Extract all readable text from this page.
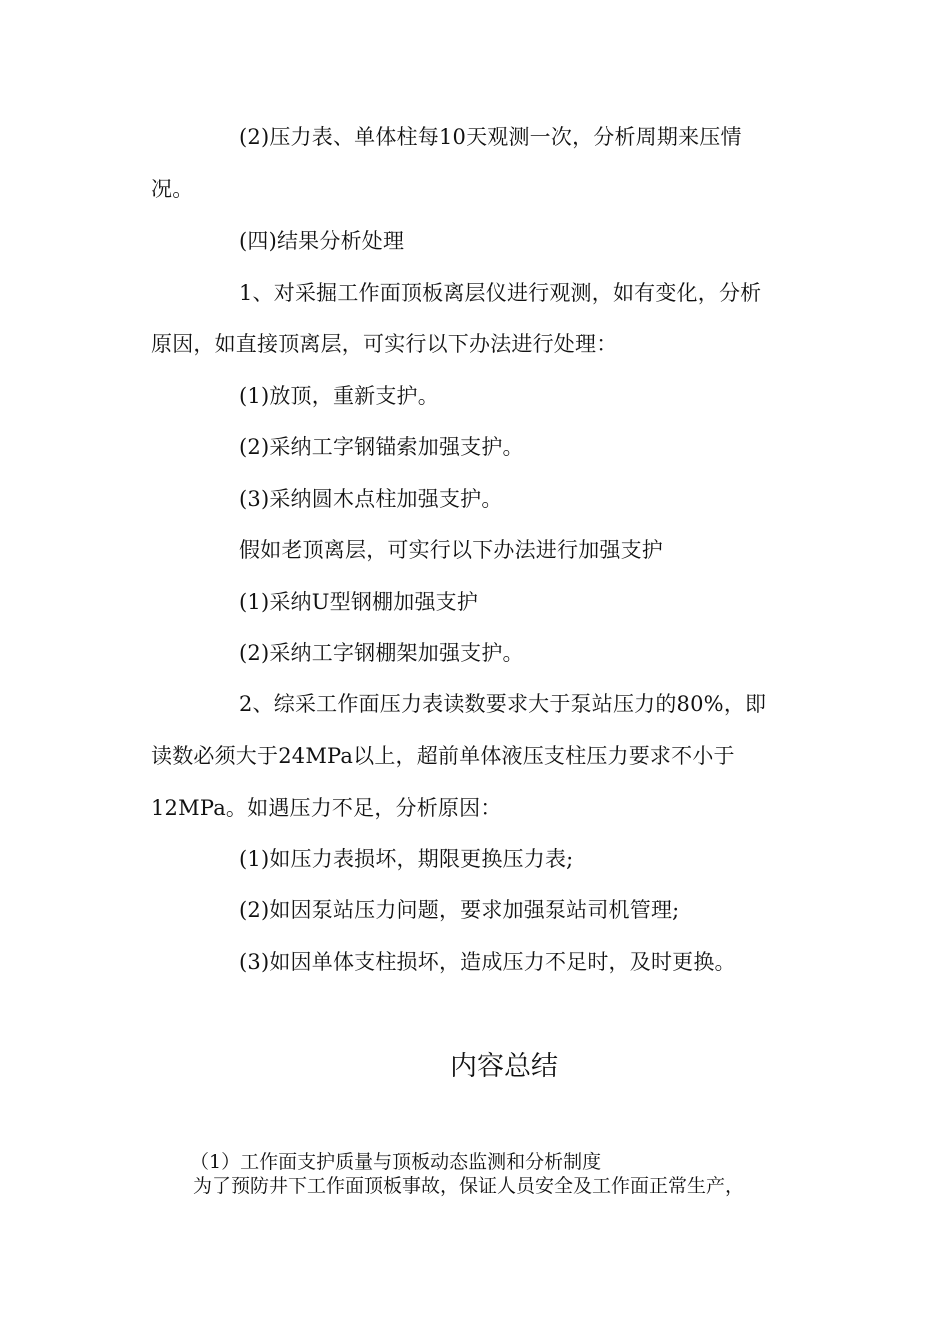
(2)压力表、单体柱每10天观测一次，分析周期来压情
况。
(四)结果分析处理
1、对采掘工作面顶板离层仪进行观测，如有变化，分析
原因，如直接顶离层，可实行以下办法进行处理：
(1)放顶，重新支护。
(2)采纳工字钢锚索加强支护。
(3)采纳圆木点柱加强支护。
假如老顶离层，可实行以下办法进行加强支护
(1)采纳U型钢棚加强支护
(2)采纳工字钢棚架加强支护。
2、综采工作面压力表读数要求大于泵站压力的80%，即
读数必须大于24MPa以上，超前单体液压支柱压力要求不小于
12MPa。如遇压力不足，分析原因：
(1)如压力表损坏，期限更换压力表;
(2)如因泵站压力问题，要求加强泵站司机管理;
(3)如因单体支柱损坏，造成压力不足时，及时更换。
内容总结
（1）工作面支护质量与顶板动态监测和分析制度
为了预防井下工作面顶板事故，保证人员安全及工作面正常生产，
